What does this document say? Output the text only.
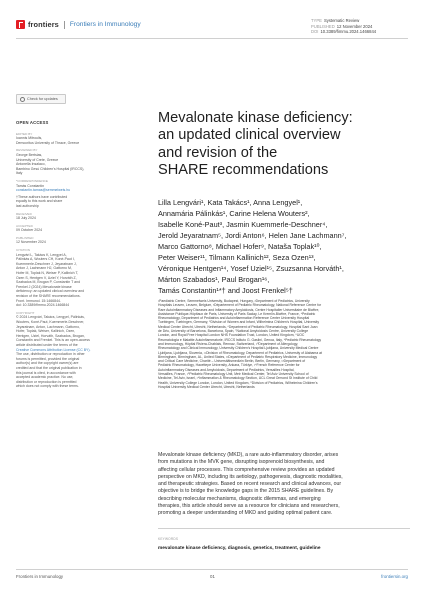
frontiers Frontiers in Immunology
TYPE Systematic Review
PUBLISHED 12 November 2024
DOI 10.3389/fimmu.2024.1466844
Check for updates
OPEN ACCESS
EDITED BY
Ioannis Mitroulis,
Democritus University of Thrace, Greece
REVIEWED BY
George Bertsias,
University of Crete, Greece
Antonella Insalaco,
Bambino Gesù Children's Hospital (IRCCS),
Italy
*CORRESPONDENCE
Tamás Constantin
constantin.tamas@semmelweis.hu
†These authors have contributed
equally to this work and share
last authorship
RECEIVED
18 July 2024
ACCEPTED
09 October 2024
PUBLISHED
12 November 2024
CITATION
Lengvári L, Takács K, Lengyel A,
Pálinkás A, Wouters CH, Koné-Paut I,
Kuemmerle-Deschner J, Jeyaratnam J,
Anton J, Lachmann HJ, Gattorno M,
Hofer M, Toplak N, Weiser P, Kallinich T,
Ozen S, Hentgen V, Uziel Y, Horváth Z,
Szabados M, Brogan P, Constantin T and
Frenkel J (2024) Mevalonate kinase
deficiency: an updated clinical overview and
revision of the SHARE recommendations.
Front. Immunol. 15:1466844.
doi: 10.3389/fimmu.2024.1466844
COPYRIGHT
© 2024 Lengvári, Takács, Lengyel, Pálinkás,
Wouters, Koné-Paut, Kuemmerle-Deschner,
Jeyaratnam, Anton, Lachmann, Gattorno,
Hofer, Toplak, Weiser, Kallinich, Ozen,
Hentgen, Uziel, Horváth, Szabados, Brogan,
Constantin and Frenkel. This is an open-access
article distributed under the terms of the
Creative Commons Attribution License (CC BY).
The use, distribution or reproduction in other
forums is permitted, provided the original
author(s) and the copyright owner(s) are
credited and that the original publication in
this journal is cited, in accordance with
accepted academic practice. No use,
distribution or reproduction is permitted
which does not comply with these terms.
Mevalonate kinase deficiency:
an updated clinical overview
and revision of the
SHARE recommendations
Lilla Lengvári¹, Kata Takács¹, Anna Lengyel¹,
Annamária Pálinkás¹, Carine Helena Wouters²,
Isabelle Koné-Paut³, Jasmin Kuemmerle-Deschner⁴,
Jerold Jeyaratnam⁵, Jordi Anton⁶, Helen Jane Lachmann⁷,
Marco Gattorno⁸, Michael Hofer⁹, Nataša Toplak¹⁰,
Peter Weiser¹¹, Tilmann Kallinich¹², Seza Ozen¹³,
Véronique Hentgen¹⁴, Yosef Uziel¹⁵, Zsuzsanna Horváth¹,
Márton Szabados¹, Paul Brogan¹⁶,
Tamás Constantin¹*† and Joost Frenkel⁵†
¹Paediatric Centre, Semmelweis University, Budapest, Hungary, ²Department of Pediatrics, University
Hospitals Leuven, Leuven, Belgium, ³Département of Pediatric Rheumatology, National Reference Centre for
Rare Autoinflammatory Diseases and Inflammatory Amyloidosis, Centre Hospitalier Universitaire de Bicêtre,
Assistance Publique-Hôpitaux de Paris, University of Paris Saclay, Le Kremlin-Bicêtre, France, ⁴Pediatric
Rheumatology, Department of Pediatrics and Autoinflammation Reference Center University Hospital
Tuebingen, Tuebingen, Germany, ⁵Division of Women and Infant, Wilhelmina Children's Hospital, University
Medical Center Utrecht, Utrecht, Netherlands, ⁶Department of Pediatric Rheumatology, Hospital Sant Joan
de Déu, University of Barcelona, Barcelona, Spain, ⁷National Amyloidosis Centre, University College
London, and Royal Free Hospital London NHS Foundation Trust, London, United Kingdom, ⁸UOC
Reumatologia e Malattie Autoinfiammatorie, IRCCS Istituto G. Gaslini, Genoa, Italy, ⁹Pediatric Rheumatology
and Immunology, Hôpital Riviera-Chablais, Rennaz, Switzerland, ¹⁰Department of Allergology,
Rheumatology and Clinical Immunology, University Children's Hospital Ljubljana, University Medical Centre
Ljubljana, Ljubljana, Slovenia, ¹¹Division of Rheumatology, Department of Pediatrics, University of Alabama at
Birmingham, Birmingham, AL, United States, ¹²Department of Pediatric Respiratory Medicine, Immunology
and Critical Care Medicine, Charité – Universitätsmedizin Berlin, Berlin, Germany, ¹³Department of
Pediatric Rheumatology, Hacettepe University, Ankara, Türkiye, ¹⁴French Reference Center for
Autoinflammatory Diseases and Amyloidosis, Department of Pediatrics, Versailles Hospital,
Versailles, France, ¹⁵Pediatric Rheumatology Unit, Meir Medical Center, Tel Aviv University School of
Medicine, Tel Aviv, Israel, ¹⁶Inflammation & Rheumatology Section, UCL Great Ormond St Institute of Child
Health, University College London, London, United Kingdom, ⁵Division of Pediatrics, Wilhelmina Children's
Hospital University Medical Center Utrecht, Utrecht, Netherlands
Mevalonate kinase deficiency (MKD), a rare auto-inflammatory disorder, arises
from mutations in the MVK gene, disrupting isoprenoid biosynthesis, and
affecting cellular processes. This comprehensive review provides an updated
perspective on MKD, including its aetiology, pathogenesis, diagnostic modalities,
and therapeutic strategies. Based on recent research and clinical advances, our
objective is to bridge the knowledge gaps in the 2015 SHARE guidelines. By
describing molecular mechanisms, diagnostic dilemmas, and emerging
therapies, this article should serve as a resource for clinicians and researchers,
promoting a deeper understanding of MKD and guiding optimal patient care.
KEYWORDS
mevalonate kinase deficiency, diagnosis, genetics, treatment, guideline
Frontiers in Immunology	01	frontiersin.org
